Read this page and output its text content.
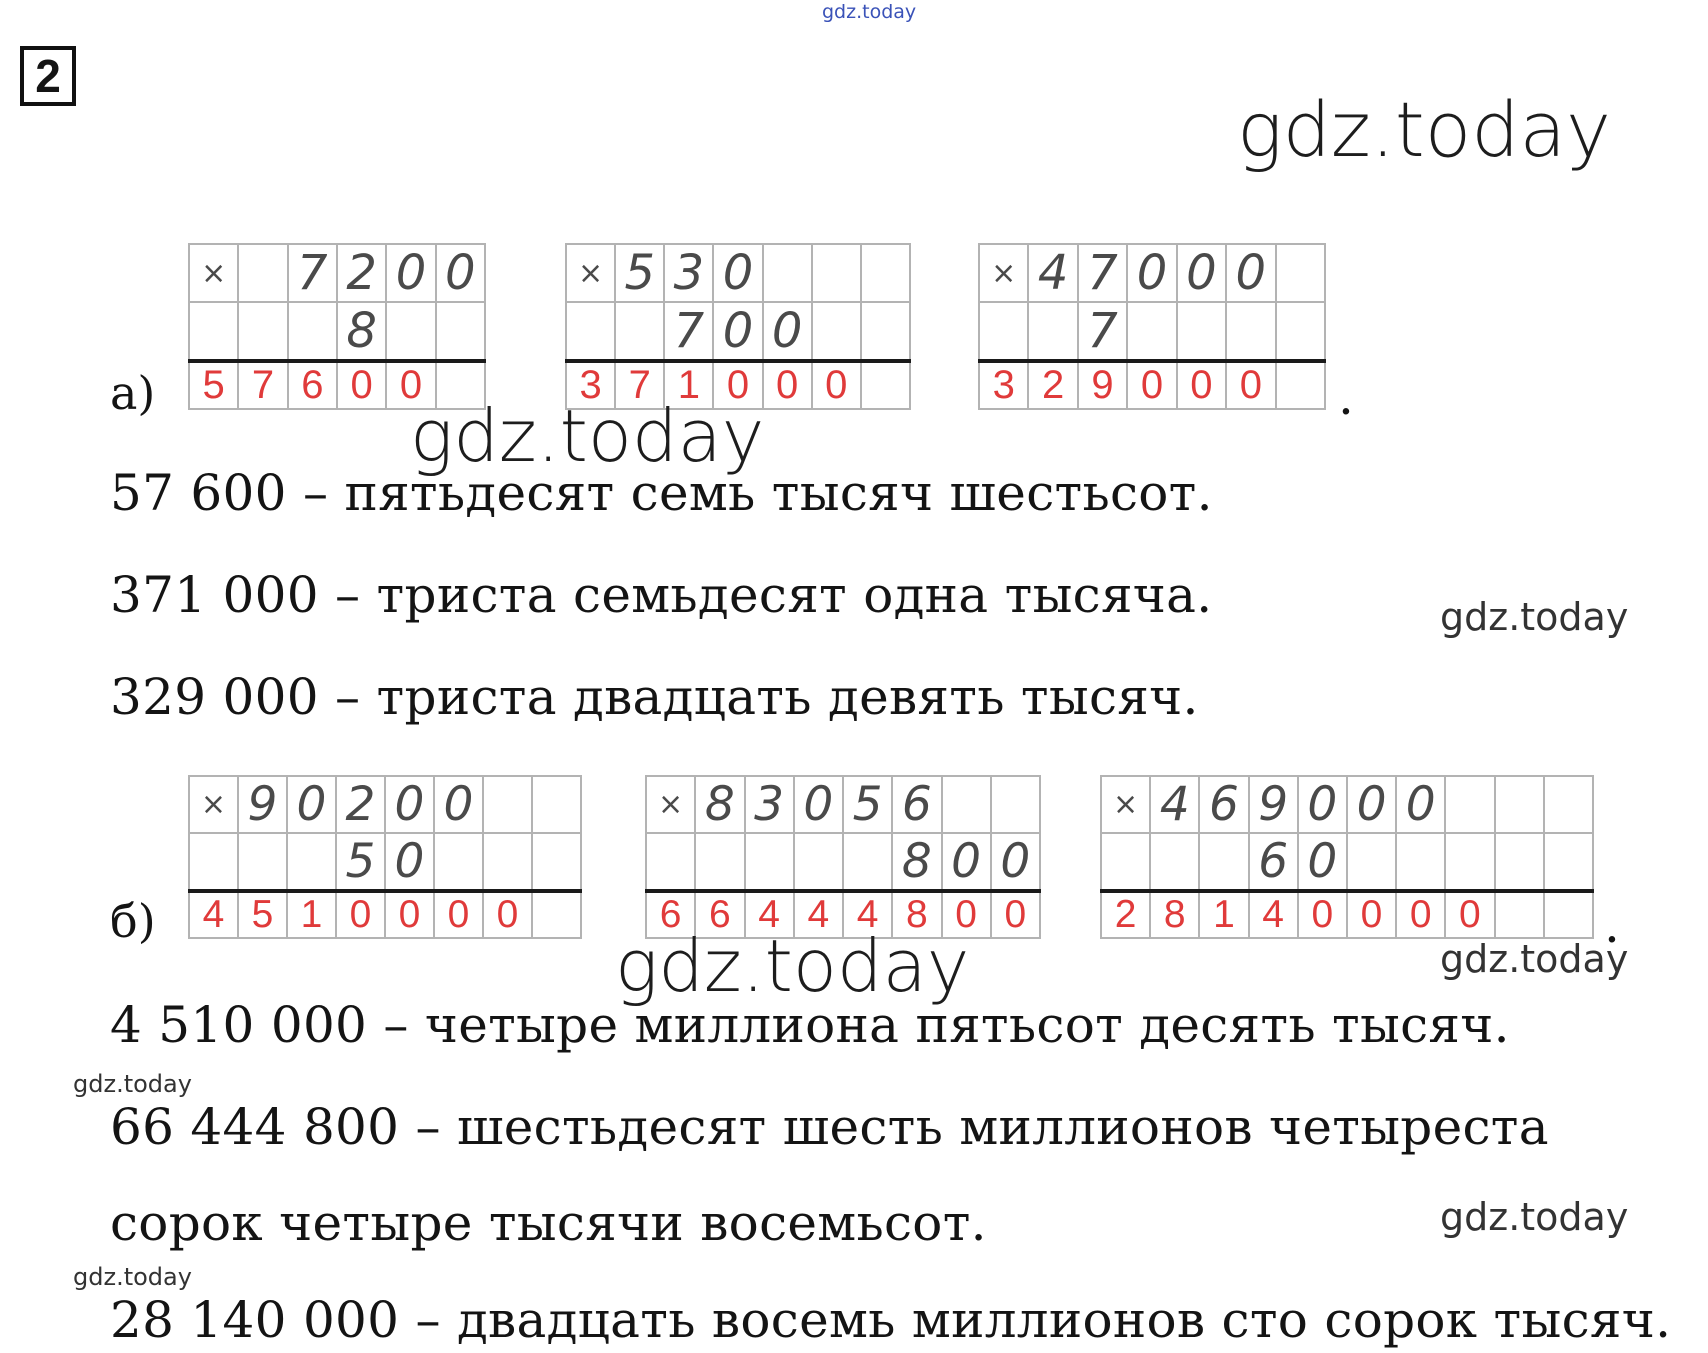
2
gdz.today
gdz.today
а)
×		7	2	0	0
			8		
5	7	6	0	0	
×	5	3	0			
		7	0	0		
3	7	1	0	0	0	
×	4	7	0	0	0	
		7				
3	2	9	0	0	0	.
57 600 – пятьдесят семь тысяч шестьсот.
371 000 – триста семьдесят одна тысяча.
329 000 – триста двадцать девять тысяч.
gdz.today
gdz.today
б)
×	9	0	2	0	0		
			5	0			
4	5	1	0	0	0	0	
×	8	3	0	5	6		
					8	0	0
6	6	4	4	4	8	0	0
×	4	6	9	0	0	0			
			6	0					
2	8	1	4	0	0	0	0		.
gdz.today	gdz.today
4 510 000 – четыре миллиона пятьсот десять тысяч.
gdz.today
66 444 800 – шестьдесят шесть миллионов четыреста
сорок четыре тысячи восемьсот.	gdz.today
gdz.today
28 140 000 – двадцать восемь миллионов сто сорок тысяч.
